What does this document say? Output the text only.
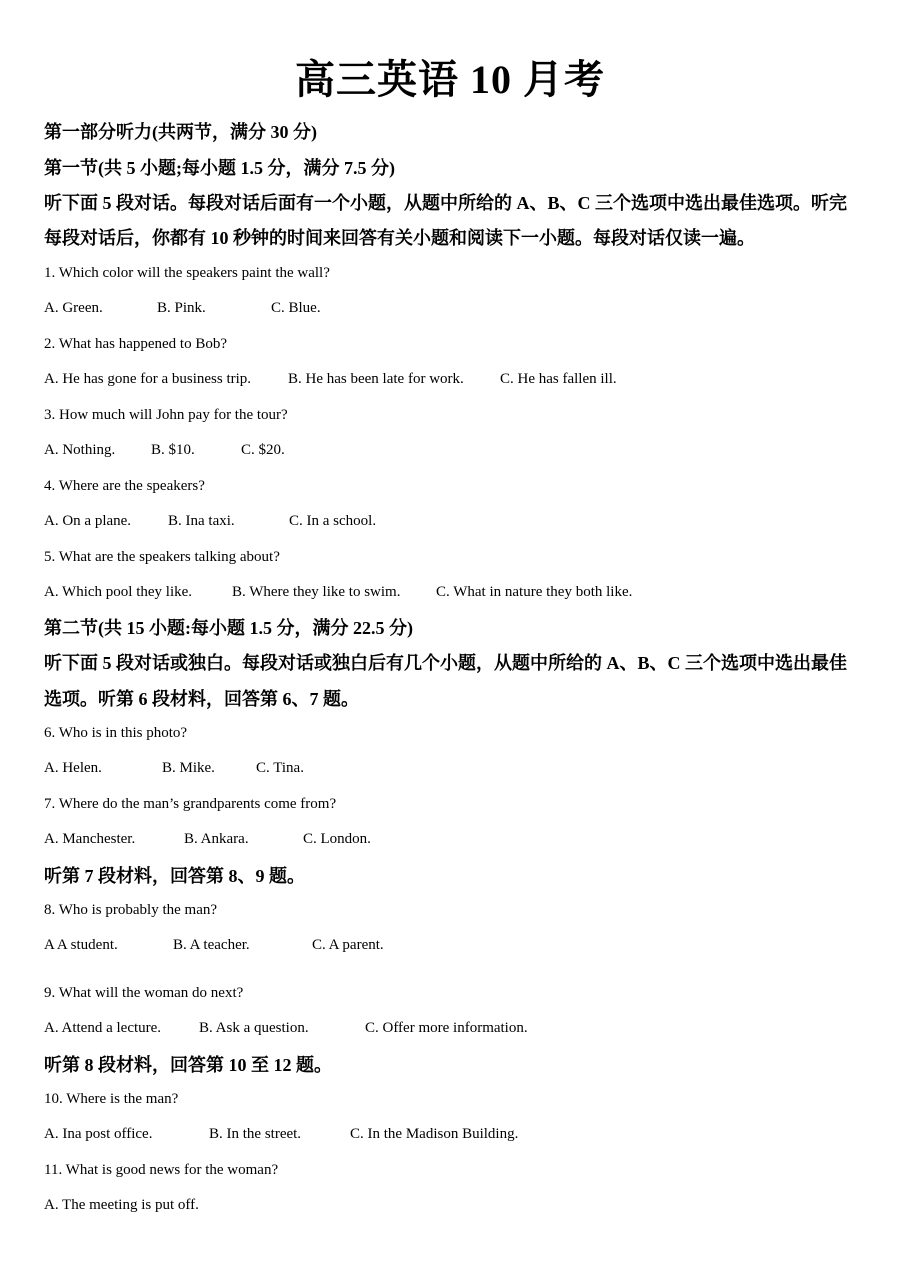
高三英语 10 月考
第一部分听力(共两节，满分 30 分)
第一节(共 5 小题;每小题 1.5 分，满分 7.5 分)
听下面 5 段对话。每段对话后面有一个小题，从题中所给的 A、B、C 三个选项中选出最佳选项。听完
每段对话后，你都有 10 秒钟的时间来回答有关小题和阅读下一小题。每段对话仅读一遍。
1. Which color will the speakers paint the wall?
A. Green.	B. Pink.	C. Blue.
2. What has happened to Bob?
A. He has gone for a business trip. B. He has been late for work. C. He has fallen ill.
3. How much will John pay for the tour?
A. Nothing. B. $10.	C. $20.
4. Where are the speakers?
A. On a plane. B. Ina taxi.	C. In a school.
5. What are the speakers talking about?
A. Which pool they like.	B. Where they like to swim. C. What in nature they both like.
第二节(共 15 小题:每小题 1.5 分，满分 22.5 分)
听下面 5 段对话或独白。每段对话或独白后有几个小题，从题中所给的 A、B、C 三个选项中选出最佳
选项。听第 6 段材料，回答第 6、7 题。
6. Who is in this photo?
A. Helen.	B. Mike.	C. Tina.
7. Where do the man’s grandparents come from?
A. Manchester.	B. Ankara.	C. London.
听第 7 段材料，回答第 8、9 题。
8. Who is probably the man?
A A student.	B. A teacher.	C. A parent.
9. What will the woman do next?
A. Attend a lecture.	B. Ask a question.	C. Offer more information.
听第 8 段材料，回答第 10 至 12 题。
10. Where is the man?
A. Ina post office.	B. In the street.	C. In the Madison Building.
11. What is good news for the woman?
A. The meeting is put off.
